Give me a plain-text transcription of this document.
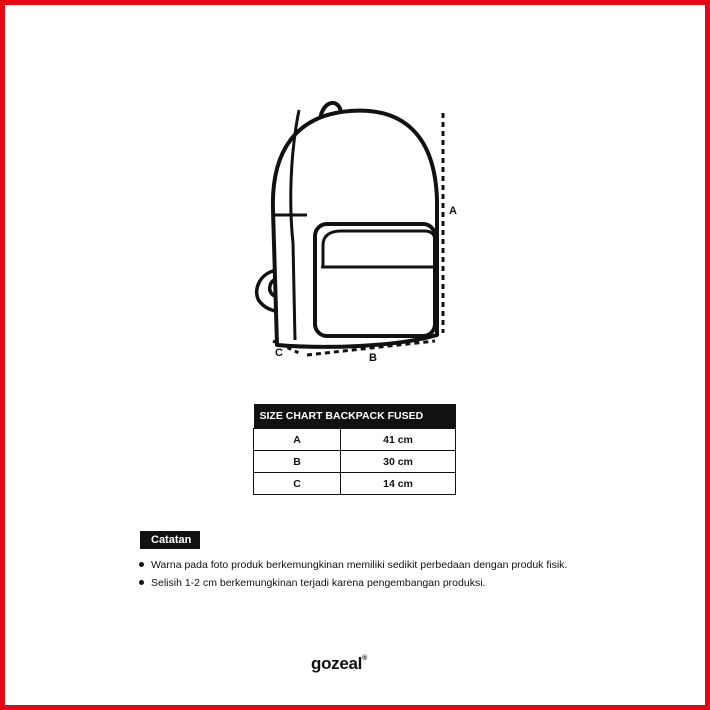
A
B
C
SIZE CHART BACKPACK FUSED	
A	41 cm
B	30 cm
C	14 cm
Catatan
Warna pada foto produk berkemungkinan memiliki sedikit perbedaan dengan produk fisik.
Selisih 1-2 cm berkemungkinan terjadi karena pengembangan produksi.
gozeal®
